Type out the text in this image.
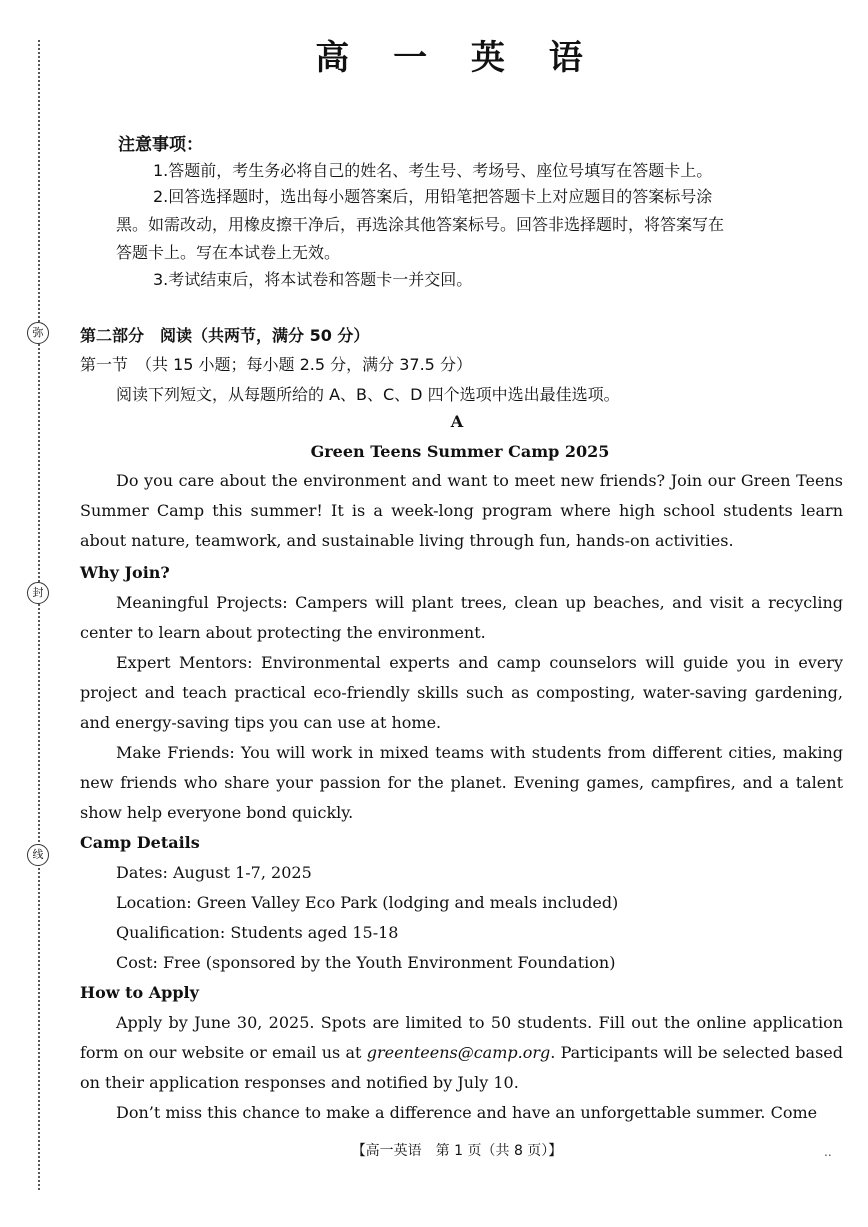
弥
封
线
高 一 英 语
注意事项：
1.答题前，考生务必将自己的姓名、考生号、考场号、座位号填写在答题卡上。
2.回答选择题时，选出每小题答案后，用铅笔把答题卡上对应题目的答案标号涂
黑。如需改动，用橡皮擦干净后，再选涂其他答案标号。回答非选择题时，将答案写在
答题卡上。写在本试卷上无效。
3.考试结束后，将本试卷和答题卡一并交回。
第二部分　阅读（共两节，满分 50 分）
第一节　（共 15 小题；每小题 2.5 分，满分 37.5 分）
阅读下列短文，从每题所给的 A、B、C、D 四个选项中选出最佳选项。
A
Green Teens Summer Camp 2025
Do you care about the environment and want to meet new friends? Join our Green Teens Summer Camp this summer! It is a week-long program where high school students learn about nature, teamwork, and sustainable living through fun, hands-on activities.
Why Join?
Meaningful Projects: Campers will plant trees, clean up beaches, and visit a recycling center to learn about protecting the environment.
Expert Mentors: Environmental experts and camp counselors will guide you in every project and teach practical eco-friendly skills such as composting, water-saving gardening, and energy-saving tips you can use at home.
Make Friends: You will work in mixed teams with students from different cities, making new friends who share your passion for the planet. Evening games, campfires, and a talent show help everyone bond quickly.
Camp Details
Dates: August 1-7, 2025
Location: Green Valley Eco Park (lodging and meals included)
Qualification: Students aged 15-18
Cost: Free (sponsored by the Youth Environment Foundation)
How to Apply
Apply by June 30, 2025. Spots are limited to 50 students. Fill out the online application form on our website or email us at greenteens@camp.org. Participants will be selected based on their application responses and notified by July 10.
Don’t miss this chance to make a difference and have an unforgettable summer. Come
【高一英语　第 1 页（共 8 页）】	..
